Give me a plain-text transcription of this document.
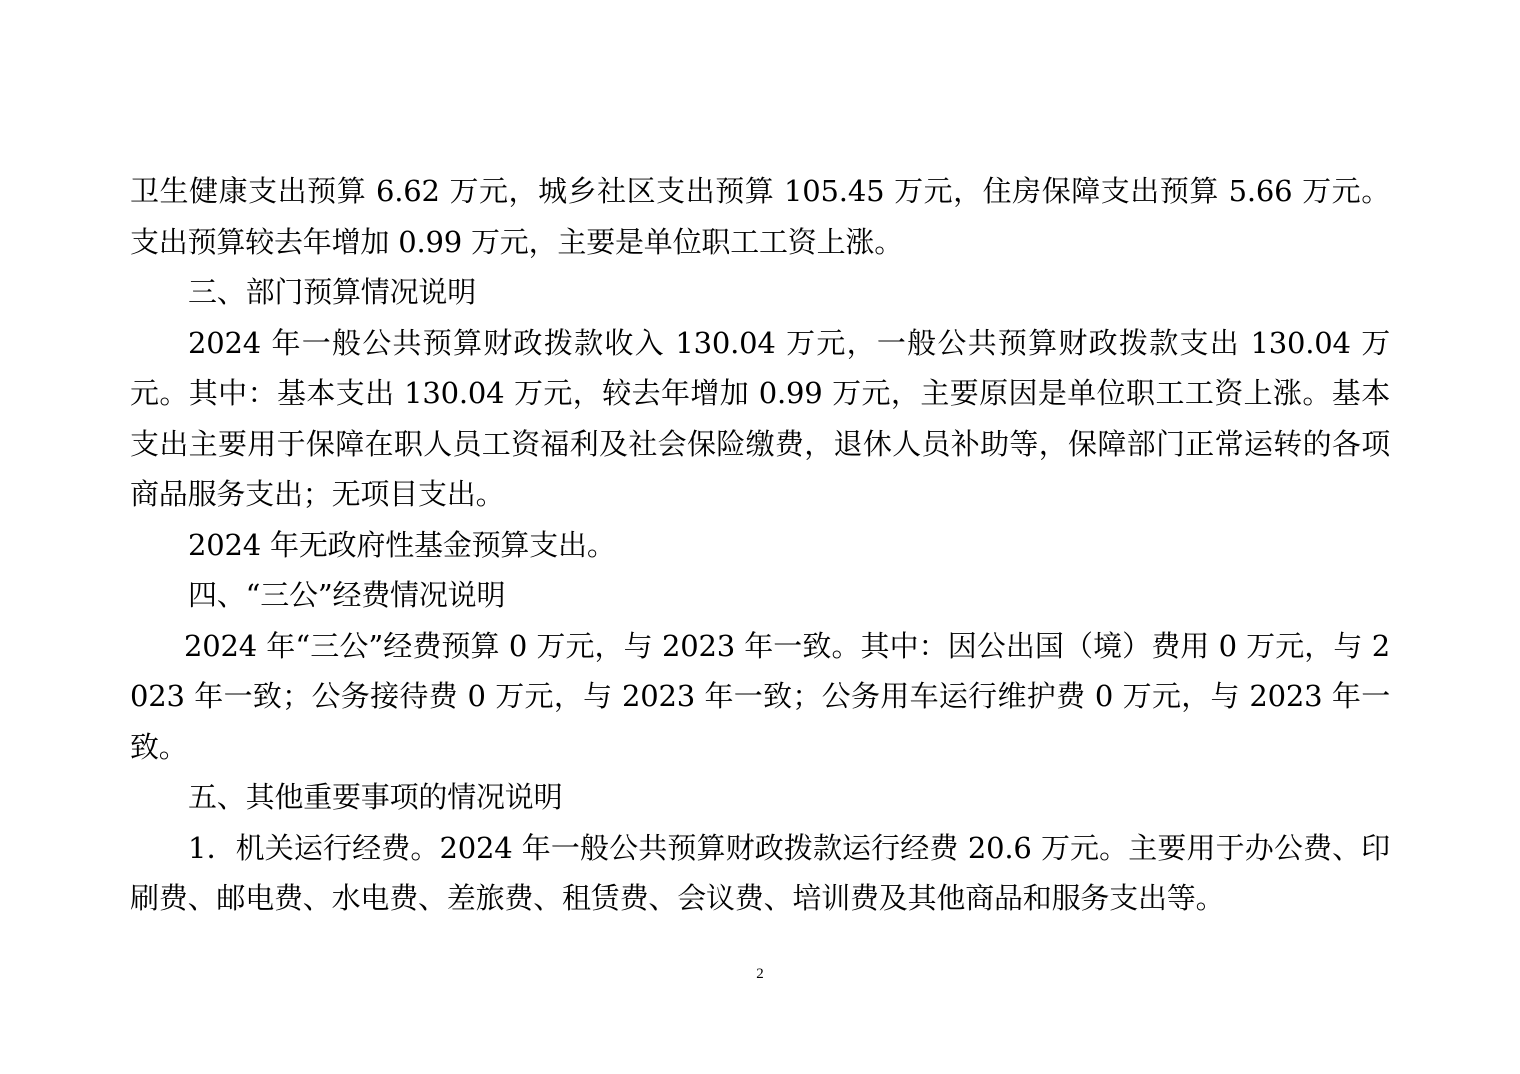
卫生健康支出预算 6.62 万元，城乡社区支出预算 105.45 万元，住房保障支出预算 5.66 万元。支出预算较去年增加 0.99 万元，主要是单位职工工资上涨。

三、部门预算情况说明

2024 年一般公共预算财政拨款收入 130.04 万元，一般公共预算财政拨款支出 130.04 万元。其中：基本支出 130.04 万元，较去年增加 0.99 万元，主要原因是单位职工工资上涨。基本支出主要用于保障在职人员工资福利及社会保险缴费，退休人员补助等，保障部门正常运转的各项商品服务支出；无项目支出。

2024 年无政府性基金预算支出。

四、“三公”经费情况说明

2024 年“三公”经费预算 0 万元，与 2023 年一致。其中：因公出国（境）费用 0 万元，与 2023 年一致；公务接待费 0 万元，与 2023 年一致；公务用车运行维护费 0 万元，与 2023 年一致。

五、其他重要事项的情况说明

1．机关运行经费。2024 年一般公共预算财政拨款运行经费 20.6 万元。主要用于办公费、印刷费、邮电费、水电费、差旅费、租赁费、会议费、培训费及其他商品和服务支出等。

2
